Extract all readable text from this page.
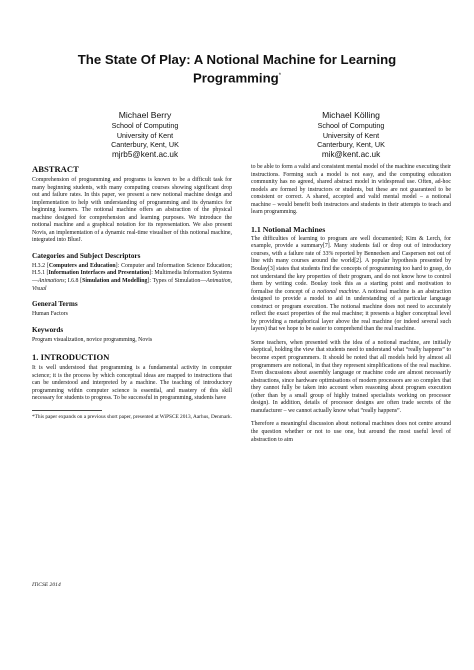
The State Of Play: A Notional Machine for Learning
Programming*
Michael Berry
School of Computing
University of Kent
Canterbury, Kent, UK
mjrb5@kent.ac.uk
Michael Kölling
School of Computing
University of Kent
Canterbury, Kent, UK
mik@kent.ac.uk
ABSTRACT

Comprehension of programming and programs is known to be a difficult task for many beginning students, with many computing courses showing significant drop out and failure rates. In this paper, we present a new notional machine design and implementation to help with understanding of programming and its dynamics for beginning learners. The notional machine offers an abstraction of the physical machine designed for comprehension and learning purposes. We introduce the notional machine and a graphical notation for its representation. We also present Novis, an implementation of a dynamic real-time visualiser of this notional machine, integrated into BlueJ.

Categories and Subject Descriptors

H.3.2 [Computers and Education]: Computer and Information Science Education; H.5.1 [Information Interfaces and Presentation]: Multimedia Information Systems—Animations; I.6.8 [Simulation and Modelling]: Types of Simulation—Animation, Visual

General Terms

Human Factors

Keywords

Program visualization, novice programming, Novis

1. INTRODUCTION

It is well understood that programming is a fundamental activity in computer science; it is the process by which conceptual ideas are mapped to instructions that can be understood and interpreted by a machine. The teaching of introductory programming within computer science is essential, and mastery of this skill necessary for students to progress. To be successful in programming, students have

*This paper expands on a previous short paper, presented at WiPSCE 2013, Aarhus, Denmark.

to be able to form a valid and consistent mental model of the machine executing their instructions. Forming such a model is not easy, and the computing education community has no agreed, shared abstract model in widespread use. Often, ad-hoc models are formed by instructors or students, but these are not guaranteed to be consistent or correct. A shared, accepted and valid mental model – a notional machine – would benefit both instructors and students in their attempts to teach and learn programming.

1.1 Notional Machines

The difficulties of learning to program are well documented; Kim & Lerch, for example, provide a summary[7]. Many students fail or drop out of introductory courses, with a failure rate of 33% reported by Bennedsen and Caspersen not out of line with many courses around the world[2]. A popular hypothesis presented by Boulay[3] states that students find the concepts of programming too hard to grasp, do not understand the key properties of their program, and do not know how to control them by writing code. Boulay took this as a starting point and motivation to formalise the concept of a notional machine. A notional machine is an abstraction designed to provide a model to aid in understanding of a particular language construct or program execution. The notional machine does not need to accurately reflect the exact properties of the real machine; it presents a higher conceptual level by providing a metaphorical layer above the real machine (or indeed several such layers) that we hope to be easier to comprehend than the real machine.

Some teachers, when presented with the idea of a notional machine, are initially skeptical, holding the view that students need to understand what “really happens” to become expert programmers. It should be noted that all models held by almost all programmers are notional, in that they represent simplifications of the real machine. Even discussions about assembly language or machine code are almost necessarily abstractions, since hardware optimisations of modern processors are so complex that they cannot fully be taken into account when reasoning about program execution (other than by a small group of highly trained specialists working on processor design). In addition, details of processor designs are often trade secrets of the manufacturer – we cannot actually know what “really happens”.

Therefore a meaningful discussion about notional machines does not centre around the question whether or not to use one, but around the most useful level of abstraction to aim

ITiCSE 2014
